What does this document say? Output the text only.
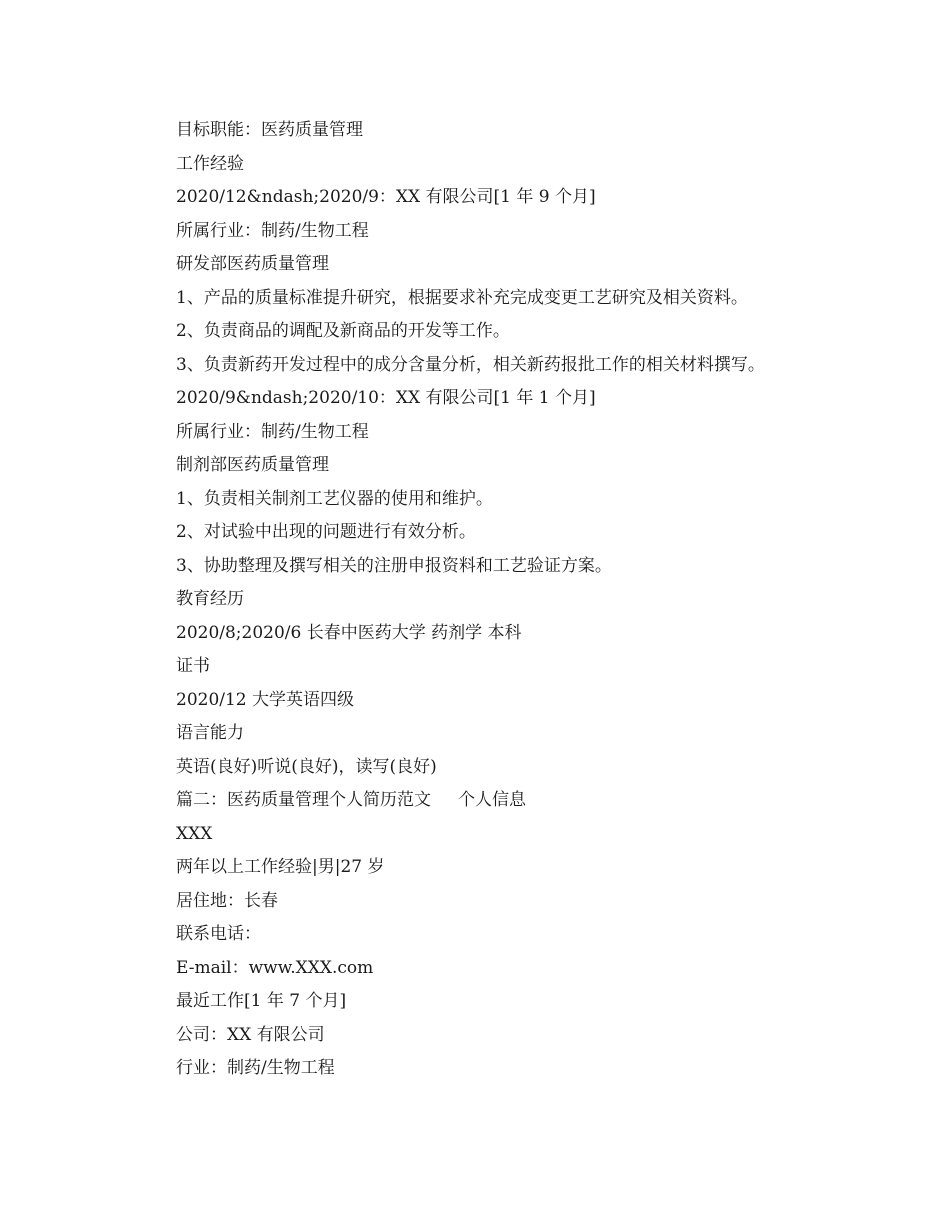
目标职能：医药质量管理
工作经验
2020/12&ndash;2020/9：XX 有限公司[1 年 9 个月]
所属行业：制药/生物工程
研发部医药质量管理
1、产品的质量标准提升研究，根据要求补充完成变更工艺研究及相关资料。
2、负责商品的调配及新商品的开发等工作。
3、负责新药开发过程中的成分含量分析，相关新药报批工作的相关材料撰写。
2020/9&ndash;2020/10：XX 有限公司[1 年 1 个月]
所属行业：制药/生物工程
制剂部医药质量管理
1、负责相关制剂工艺仪器的使用和维护。
2、对试验中出现的问题进行有效分析。
3、协助整理及撰写相关的注册申报资料和工艺验证方案。
教育经历
2020/8;2020/6 长春中医药大学 药剂学 本科
证书
2020/12 大学英语四级
语言能力
英语(良好)听说(良好)，读写(良好)
篇二：医药质量管理个人简历范文     个人信息
XXX
两年以上工作经验|男|27 岁
居住地：长春
联系电话：
E-mail：www.XXX.com
最近工作[1 年 7 个月]
公司：XX 有限公司
行业：制药/生物工程
